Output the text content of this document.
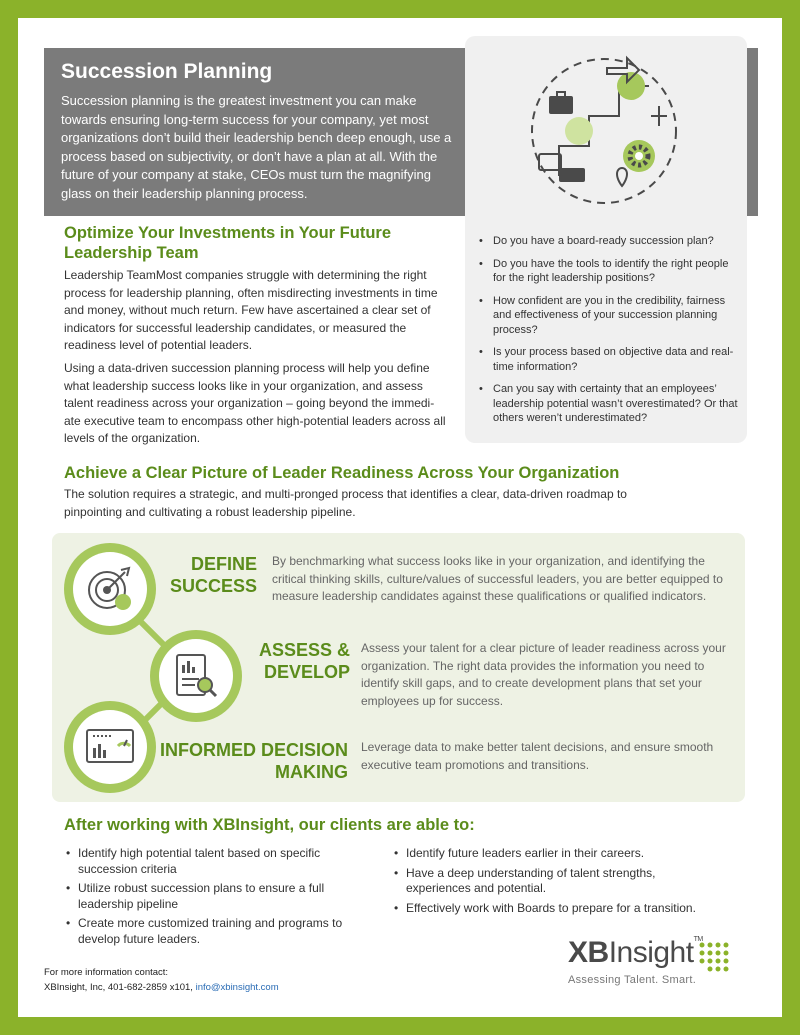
Succession Planning
Succession planning is the greatest investment you can make towards ensuring long-term success for your company, yet most organizations don’t build their leadership bench deep enough, use a process based on subjectivity, or don’t have a plan at all. With the future of your company at stake, CEOs must turn the magnifying glass on their leadership planning process.
• Do you have a board-ready succession plan?
• Do you have the tools to identify the right people for the right leadership positions?
• How confident are you in the credibility, fairness and effectiveness of your succession planning process?
• Is your process based on objective data and real-time information?
• Can you say with certainty that an employees’ leadership potential wasn’t overestimated? Or that others weren’t underestimated?
Optimize Your Investments in Your Future Leadership Team

Leadership TeamMost companies struggle with determining the right process for leadership planning, often misdirecting investments in time and money, without much return. Few have ascertained a clear set of indicators for successful leadership candidates, or measured the readiness level of potential leaders.

Using a data-driven succession planning process will help you define what leadership success looks like in your organization, and assess talent readiness across your organization – going beyond the immedi-ate executive team to encompass other high-potential leaders across all levels of the organization.

Achieve a Clear Picture of Leader Readiness Across Your Organization

The solution requires a strategic, and multi-pronged process that identifies a clear, data-driven roadmap to pinpointing and cultivating a robust leadership pipeline.

DEFINE SUCCESS
By benchmarking what success looks like in your organization, and identifying the critical thinking skills, culture/values of successful leaders, you are better equipped to measure leadership candidates against these qualifications or qualified indicators.
ASSESS & DEVELOP
Assess your talent for a clear picture of leader readiness across your organization. The right data provides the information you need to identify skill gaps, and to create development plans that set your employees up for success.
INFORMED DECISION MAKING
Leverage data to make better talent decisions, and ensure smooth executive team promotions and transitions.
After working with XBInsight, our clients are able to:
• Identify high potential talent based on specific succession criteria
• Utilize robust succession plans to ensure a full leadership pipeline
• Create more customized training and programs to develop future leaders.
• Identify future leaders earlier in their careers.
• Have a deep understanding of talent strengths, experiences and potential.
• Effectively work with Boards to prepare for a transition.
For more information contact:
XBInsight, Inc, 401-682-2859 x101, info@xbinsight.com
XBInsight™
Assessing Talent. Smart.
